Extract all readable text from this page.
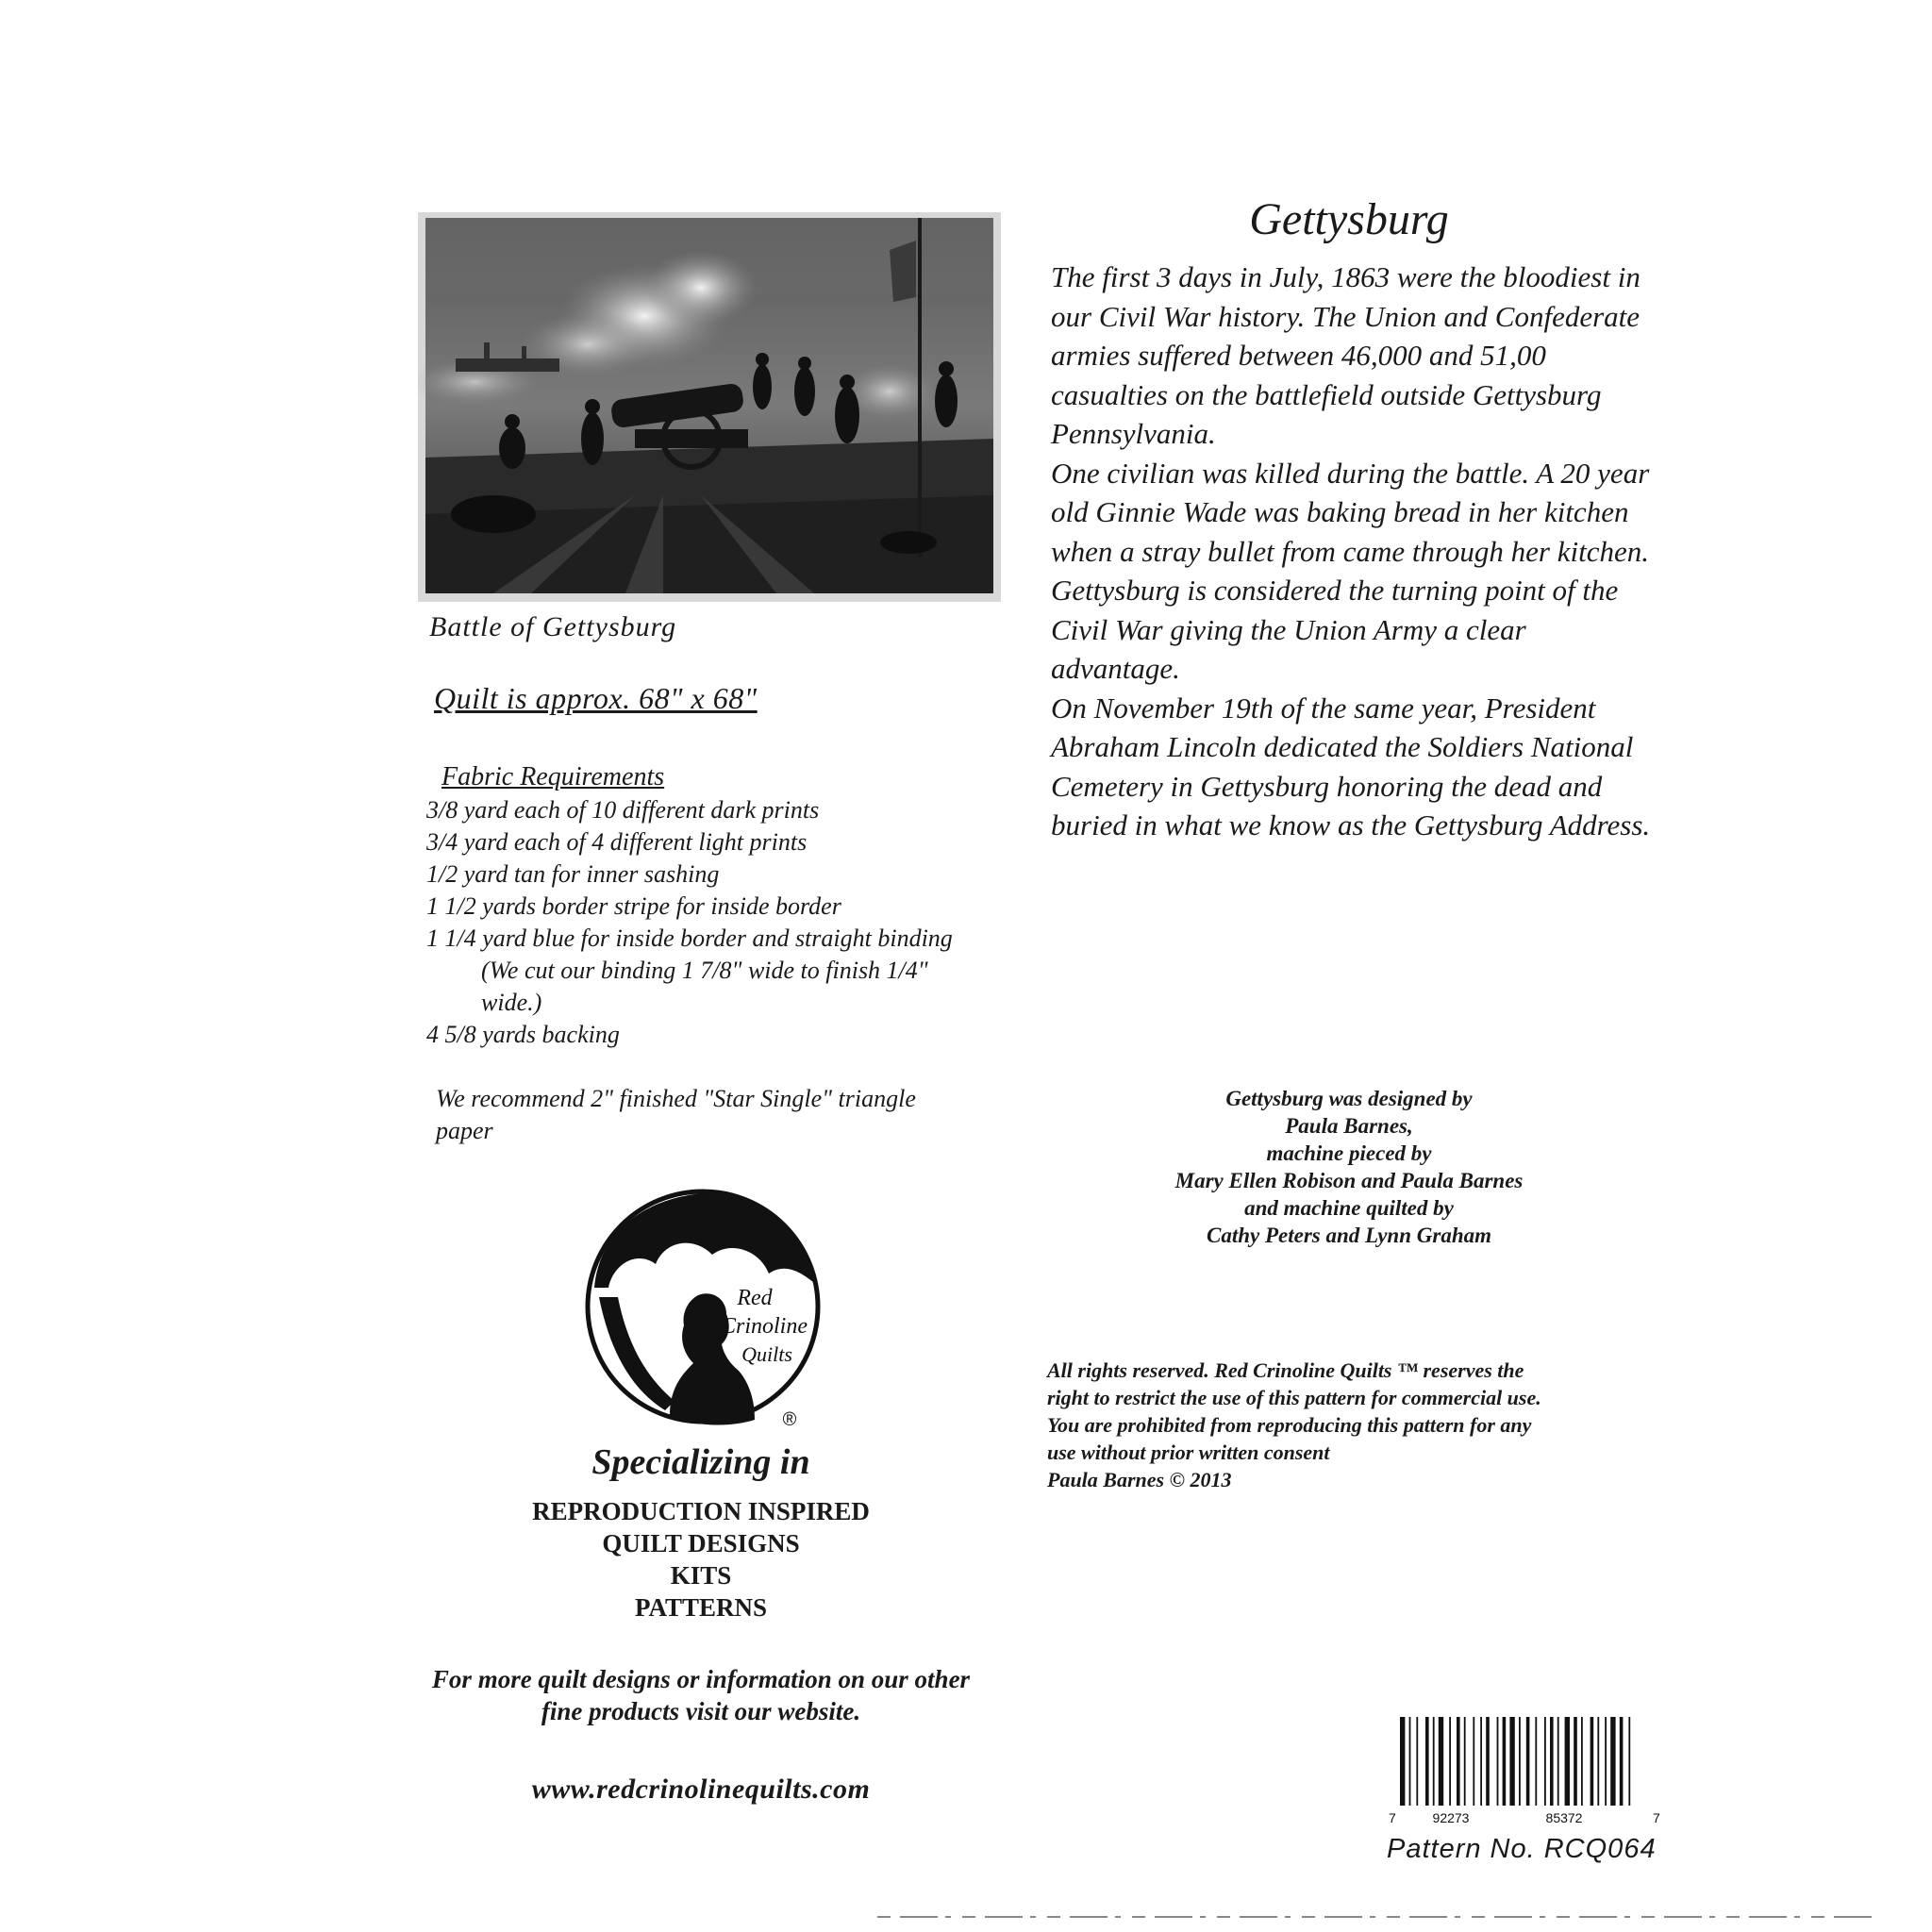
Battle of Gettysburg
Quilt is approx. 68" x 68"
Fabric Requirements
3/8 yard each of 10 different dark prints
3/4 yard each of 4 different light prints
1/2 yard tan for inner sashing
1 1/2 yards border stripe for inside border
1 1/4 yard blue for inside border and straight binding (We cut our binding 1 7/8" wide to finish 1/4" wide.)
4 5/8 yards backing
We recommend 2" finished "Star Single" triangle paper
Red
Crinoline
Quilts
®
Specializing in
REPRODUCTION INSPIRED
QUILT DESIGNS
KITS
PATTERNS
For more quilt designs or information on our other fine products visit our website.
www.redcrinolinequilts.com
Gettysburg

The first 3 days in July, 1863 were the bloodiest in our Civil War history. The Union and Confederate armies suffered between 46,000 and 51,00 casualties on the battlefield outside Gettysburg Pennsylvania.

One civilian was killed during the battle. A 20 year old Ginnie Wade was baking bread in her kitchen when a stray bullet from came through her kitchen.

Gettysburg is considered the turning point of the Civil War giving the Union Army a clear advantage.

On November 19th of the same year, President Abraham Lincoln dedicated the Soldiers National Cemetery in Gettysburg honoring the dead and buried in what we know as the Gettysburg Address.

Gettysburg was designed by
Paula Barnes,
machine pieced by
Mary Ellen Robison and Paula Barnes
and machine quilted by
Cathy Peters and Lynn Graham
All rights reserved. Red Crinoline Quilts ™ reserves the
right to restrict the use of this pattern for commercial use.
You are prohibited from reproducing this pattern for any
use without prior written consent
Paula Barnes © 2013
7	92273	85372	7
Pattern No. RCQ064
